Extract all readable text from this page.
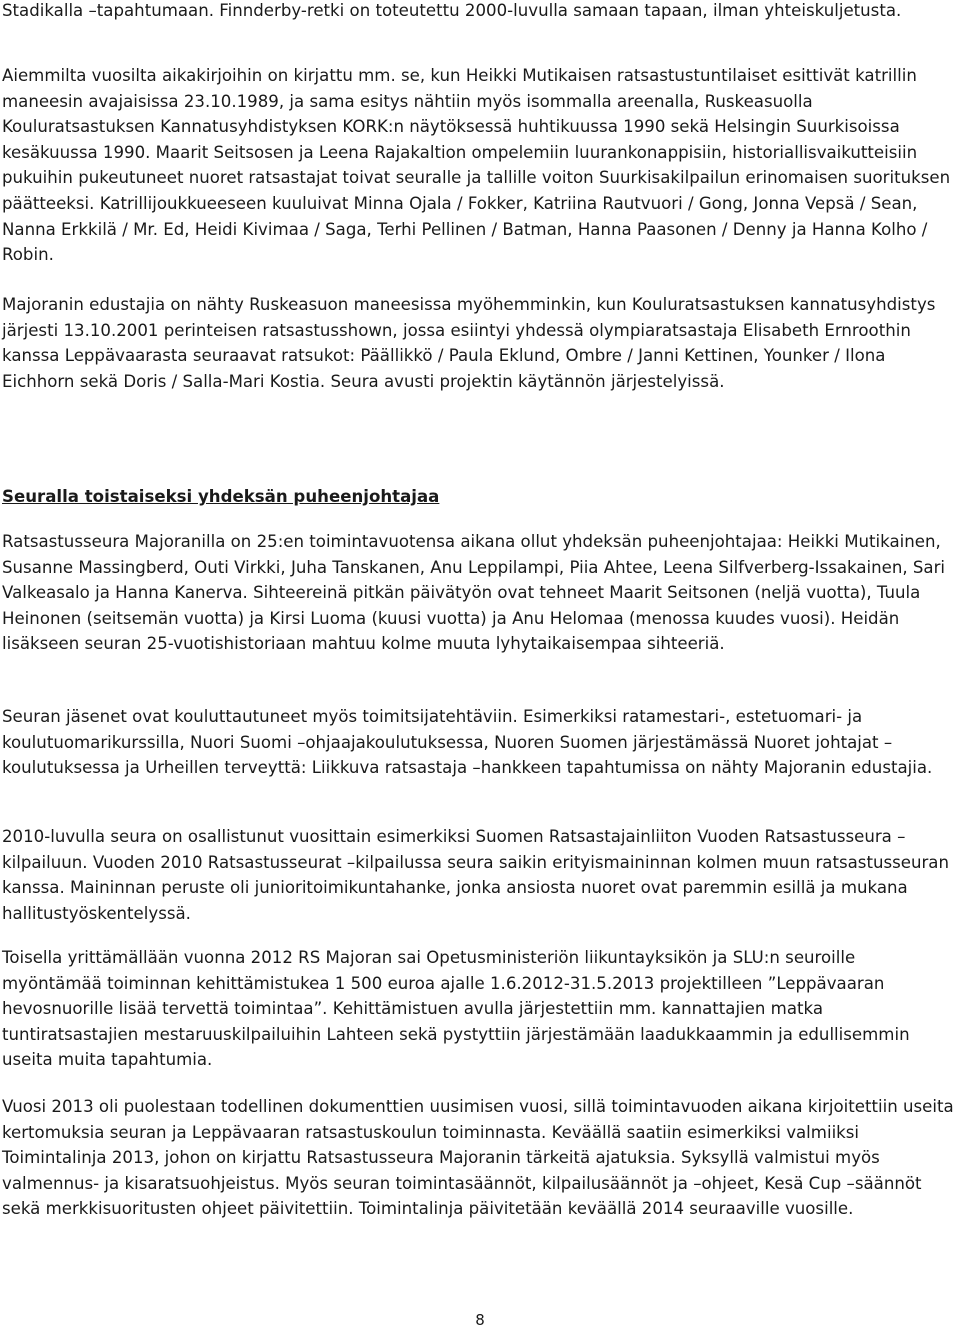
Stadikalla –tapahtumaan. Finnderby-retki on toteutettu 2000-luvulla samaan tapaan, ilman yhteiskuljetusta.

Aiemmilta vuosilta aikakirjoihin on kirjattu mm. se, kun Heikki Mutikaisen ratsastustuntilaiset esittivät katrillin maneesin avajaisissa 23.10.1989, ja sama esitys nähtiin myös isommalla areenalla, Ruskeasuolla Kouluratsastuksen Kannatusyhdistyksen KORK:n näytöksessä huhtikuussa 1990 sekä Helsingin Suurkisoissa kesäkuussa 1990. Maarit Seitsosen ja Leena Rajakaltion ompelemiin luurankonappisiin, historiallisvaikutteisiin pukuihin pukeutuneet nuoret ratsastajat toivat seuralle ja tallille voiton Suurkisakilpailun erinomaisen suorituksen päätteeksi. Katrillijoukkueeseen kuuluivat Minna Ojala / Fokker, Katriina Rautvuori / Gong, Jonna Vepsä / Sean, Nanna Erkkilä / Mr. Ed, Heidi Kivimaa / Saga, Terhi Pellinen / Batman, Hanna Paasonen / Denny ja Hanna Kolho / Robin.

Majoranin edustajia on nähty Ruskeasuon maneesissa myöhemminkin, kun Kouluratsastuksen kannatusyhdistys järjesti 13.10.2001 perinteisen ratsastusshown, jossa esiintyi yhdessä olympiaratsastaja Elisabeth Ernroothin kanssa Leppävaarasta seuraavat ratsukot: Päällikkö / Paula Eklund, Ombre / Janni Kettinen, Younker / Ilona Eichhorn sekä Doris / Salla-Mari Kostia. Seura avusti projektin käytännön järjestelyissä.

Seuralla toistaiseksi yhdeksän puheenjohtajaa

Ratsastusseura Majoranilla on 25:en toimintavuotensa aikana ollut yhdeksän puheenjohtajaa: Heikki Mutikainen, Susanne Massingberd, Outi Virkki, Juha Tanskanen, Anu Leppilampi, Piia Ahtee, Leena Silfverberg-Issakainen, Sari Valkeasalo ja Hanna Kanerva. Sihteereinä pitkän päivätyön ovat tehneet Maarit Seitsonen (neljä vuotta), Tuula Heinonen (seitsemän vuotta) ja Kirsi Luoma (kuusi vuotta) ja Anu Helomaa (menossa kuudes vuosi). Heidän lisäkseen seuran 25-vuotishistoriaan mahtuu kolme muuta lyhytaikaisempaa sihteeriä.

Seuran jäsenet ovat kouluttautuneet myös toimitsijatehtäviin. Esimerkiksi ratamestari-, estetuomari- ja koulutuomarikurssilla, Nuori Suomi –ohjaajakoulutuksessa, Nuoren Suomen järjestämässä Nuoret johtajat –koulutuksessa ja Urheillen terveyttä: Liikkuva ratsastaja –hankkeen tapahtumissa on nähty Majoranin edustajia.

2010-luvulla seura on osallistunut vuosittain esimerkiksi Suomen Ratsastajainliiton Vuoden Ratsastusseura –kilpailuun. Vuoden 2010 Ratsastusseurat –kilpailussa seura saikin erityismaininnan kolmen muun ratsastusseuran kanssa. Maininnan peruste oli junioritoimikuntahanke, jonka ansiosta nuoret ovat paremmin esillä ja mukana hallitustyöskentelyssä.

Toisella yrittämällään vuonna 2012 RS Majoran sai Opetusministeriön liikuntayksikön ja SLU:n seuroille myöntämää toiminnan kehittämistukea 1 500 euroa ajalle 1.6.2012-31.5.2013 projektilleen ”Leppävaaran hevosnuorille lisää tervettä toimintaa”. Kehittämistuen avulla järjestettiin mm. kannattajien matka tuntiratsastajien mestaruuskilpailuihin Lahteen sekä pystyttiin järjestämään laadukkaammin ja edullisemmin useita muita tapahtumia.

Vuosi 2013 oli puolestaan todellinen dokumenttien uusimisen vuosi, sillä toimintavuoden aikana kirjoitettiin useita kertomuksia seuran ja Leppävaaran ratsastuskoulun toiminnasta. Keväällä saatiin esimerkiksi valmiiksi Toimintalinja 2013, johon on kirjattu Ratsastusseura Majoranin tärkeitä ajatuksia. Syksyllä valmistui myös valmennus- ja kisaratsuohjeistus. Myös seuran toimintasäännöt, kilpailusäännöt ja –ohjeet, Kesä Cup –säännöt sekä merkkisuoritusten ohjeet päivitettiin. Toimintalinja päivitetään keväällä 2014 seuraaville vuosille.

8
